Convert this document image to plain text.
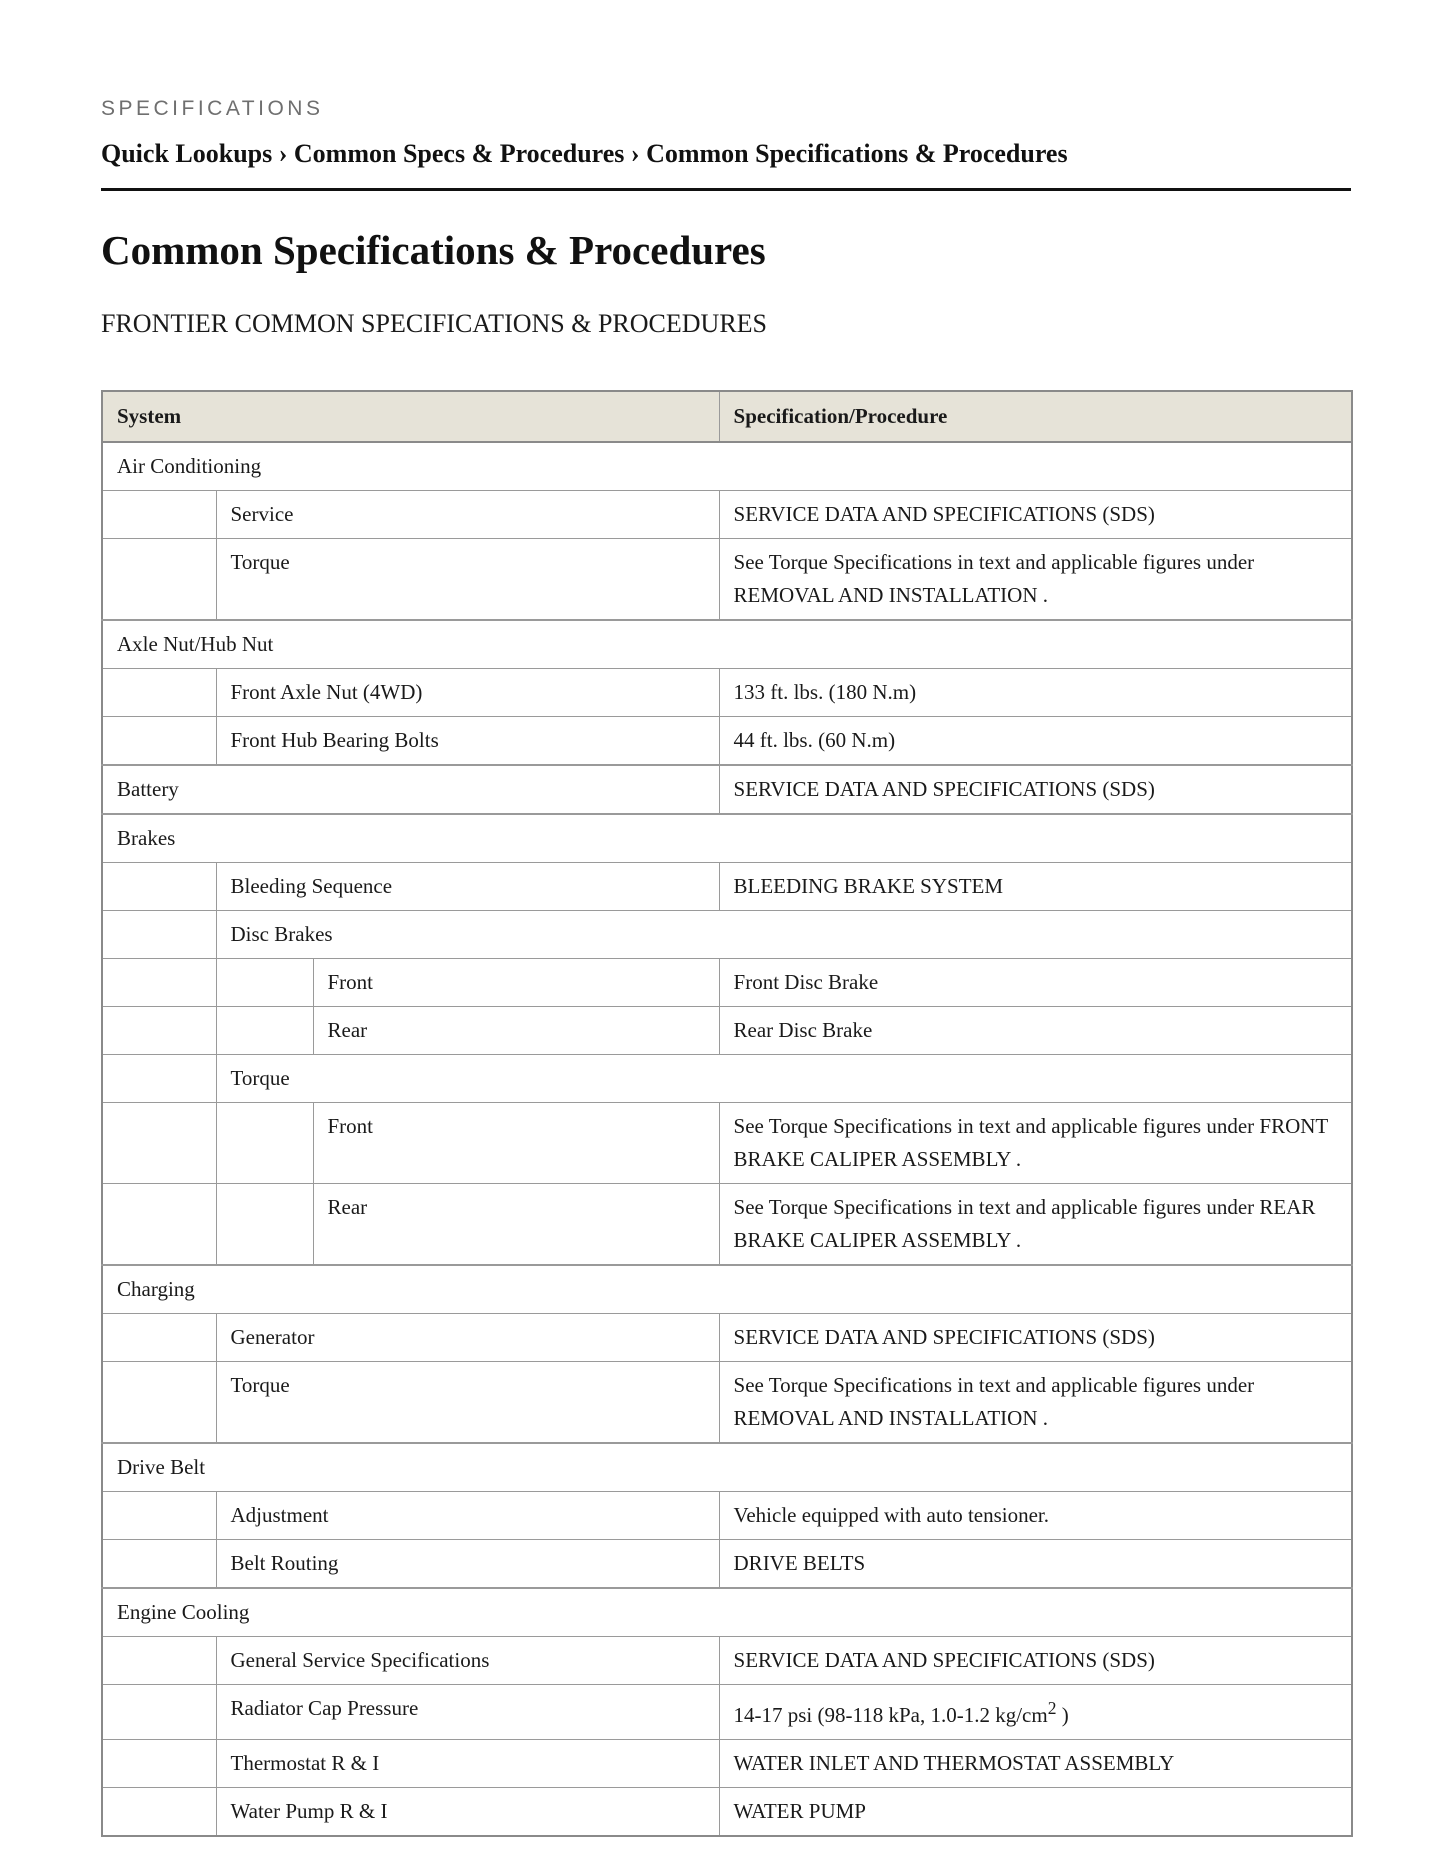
SPECIFICATIONS
Quick Lookups › Common Specs & Procedures › Common Specifications & Procedures
Common Specifications & Procedures
FRONTIER COMMON SPECIFICATIONS & PROCEDURES
System			Specification/Procedure
Air Conditioning			
	Service		SERVICE DATA AND SPECIFICATIONS (SDS)
	Torque		See Torque Specifications in text and applicable figures under REMOVAL AND INSTALLATION .
Axle Nut/Hub Nut			
	Front Axle Nut (4WD)		133 ft. lbs. (180 N.m)
	Front Hub Bearing Bolts		44 ft. lbs. (60 N.m)
Battery			SERVICE DATA AND SPECIFICATIONS (SDS)
Brakes			
	Bleeding Sequence		BLEEDING BRAKE SYSTEM
	Disc Brakes		
		Front	Front Disc Brake
		Rear	Rear Disc Brake
	Torque		
		Front	See Torque Specifications in text and applicable figures under FRONT BRAKE CALIPER ASSEMBLY .
		Rear	See Torque Specifications in text and applicable figures under REAR BRAKE CALIPER ASSEMBLY .
Charging			
	Generator		SERVICE DATA AND SPECIFICATIONS (SDS)
	Torque		See Torque Specifications in text and applicable figures under REMOVAL AND INSTALLATION .
Drive Belt			
	Adjustment		Vehicle equipped with auto tensioner.
	Belt Routing		DRIVE BELTS
Engine Cooling			
	General Service Specifications		SERVICE DATA AND SPECIFICATIONS (SDS)
	Radiator Cap Pressure		14-17 psi (98-118 kPa, 1.0-1.2 $kg/cm^2$ )
	Thermostat R & I		WATER INLET AND THERMOSTAT ASSEMBLY
	Water Pump R & I		WATER PUMP
